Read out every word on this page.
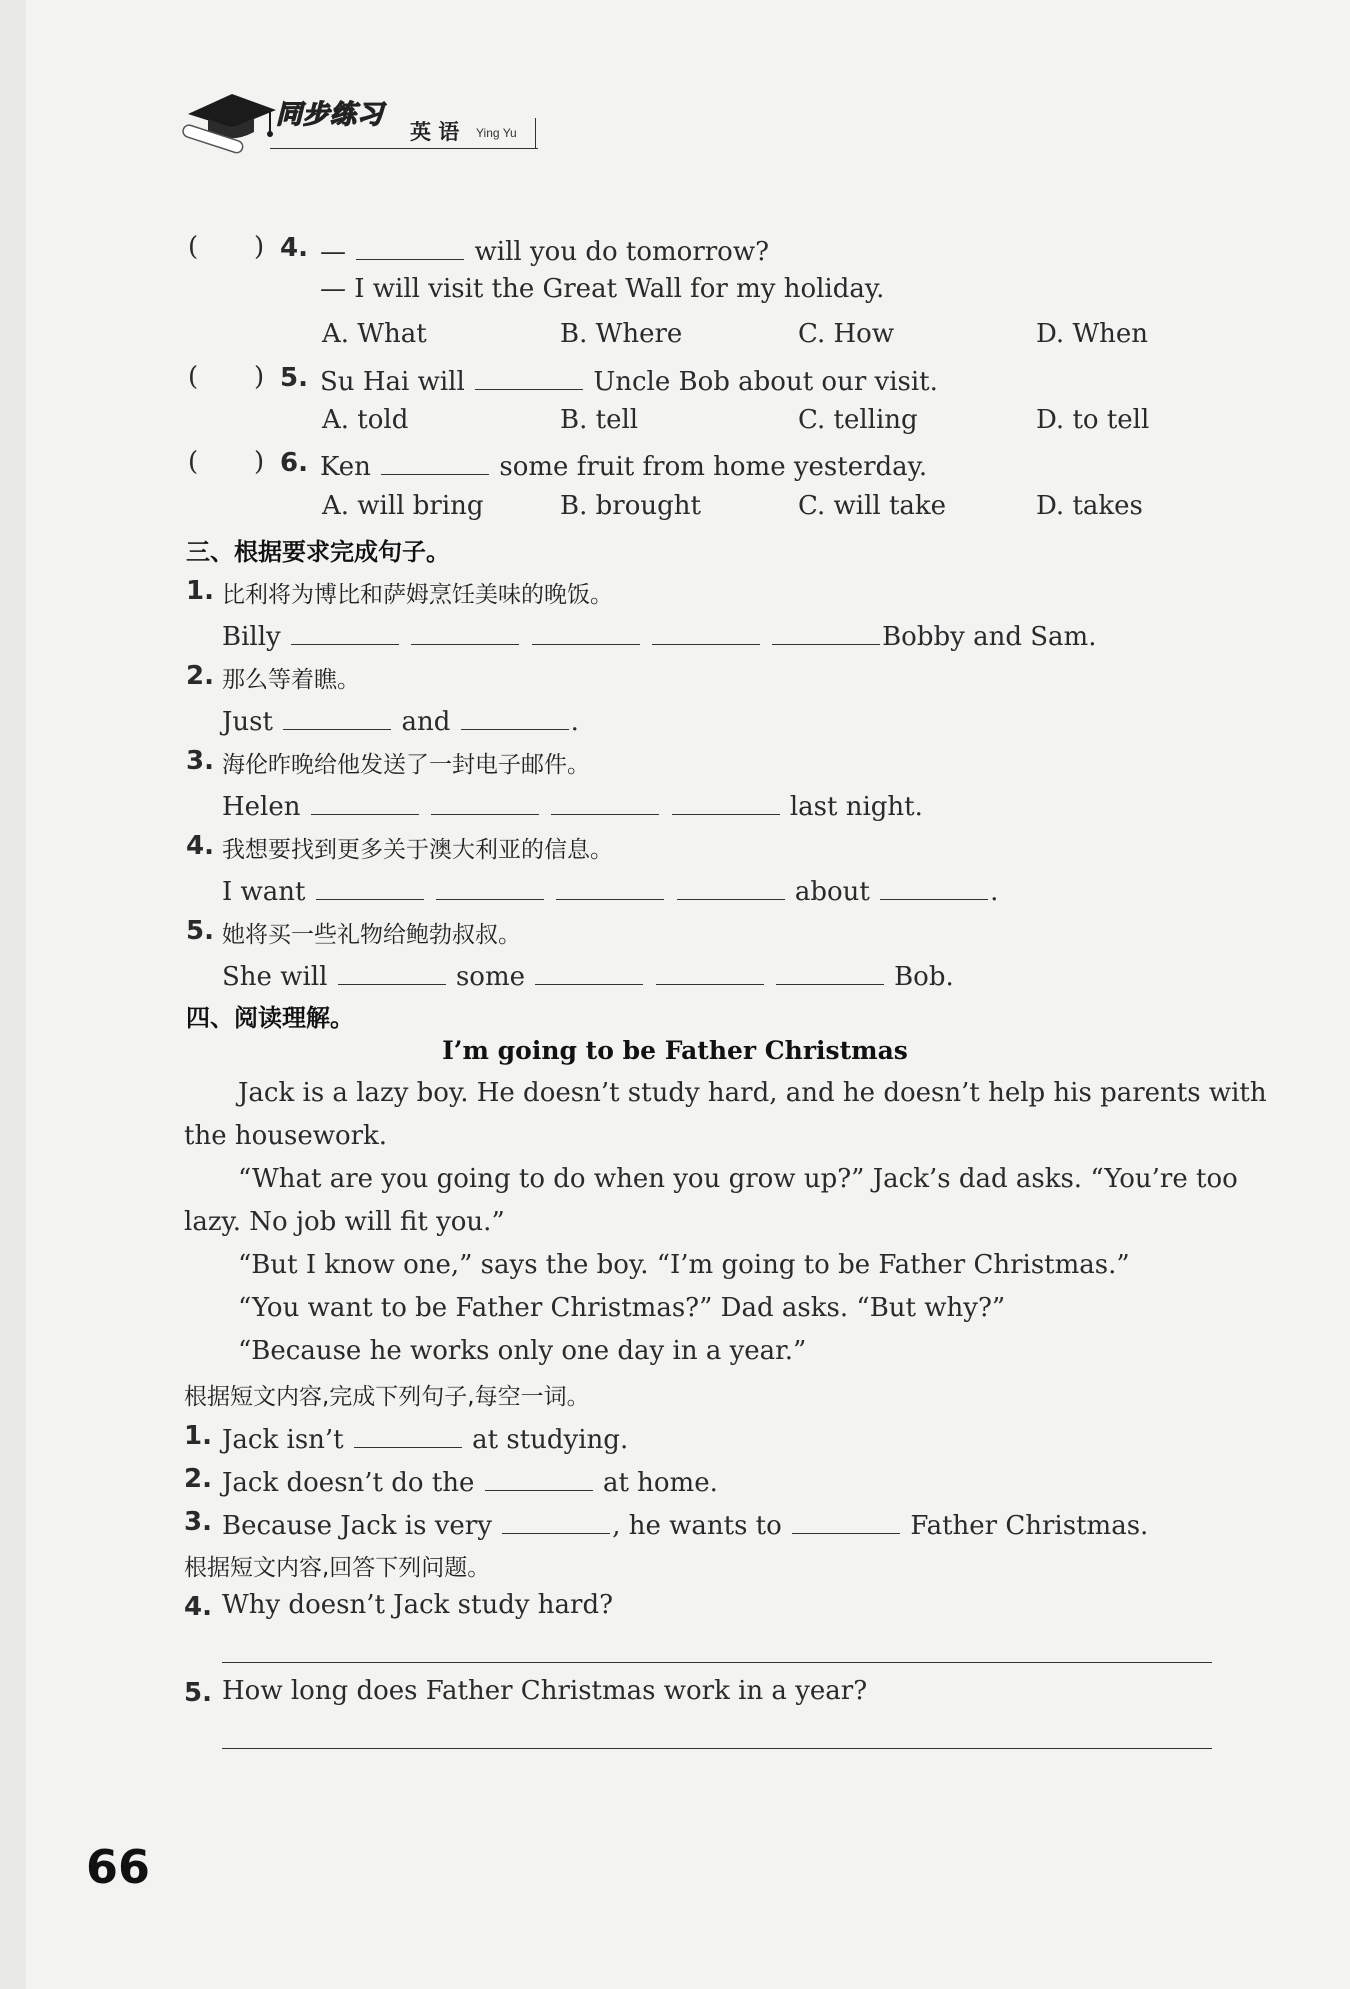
同步练习
英 语 Ying Yu
( ) 4. —	will you do tomorrow?
— I will visit the Great Wall for my holiday.
A. What	B. Where	C. How	D. When
( ) 5. Su Hai will	Uncle Bob about our visit.
A. told	B. tell	C. telling	D. to tell
( ) 6. Ken	some fruit from home yesterday.
A. will bring	B. brought	C. will take	D. takes
三、根据要求完成句子。
1. 比利将为博比和萨姆烹饪美味的晚饭。
Billy	Bobby and Sam.
2. 那么等着瞧。
Just	and	.
3. 海伦昨晚给他发送了一封电子邮件。
Helen	last night.
4. 我想要找到更多关于澳大利亚的信息。
I want	about	.
5. 她将买一些礼物给鲍勃叔叔。
She will	some	Bob.
四、阅读理解。
I’m going to be Father Christmas
Jack is a lazy boy. He doesn’t study hard, and he doesn’t help his parents with
the housework.
“What are you going to do when you grow up?” Jack’s dad asks. “You’re too
lazy. No job will fit you.”
“But I know one,” says the boy. “I’m going to be Father Christmas.”
“You want to be Father Christmas?” Dad asks. “But why?”
“Because he works only one day in a year.”
根据短文内容,完成下列句子,每空一词。
1. Jack isn’t	at studying.
2. Jack doesn’t do the	at home.
3. Because Jack is very	, he wants to	Father Christmas.
根据短文内容,回答下列问题。
4. Why doesn’t Jack study hard?
5. How long does Father Christmas work in a year?
66
